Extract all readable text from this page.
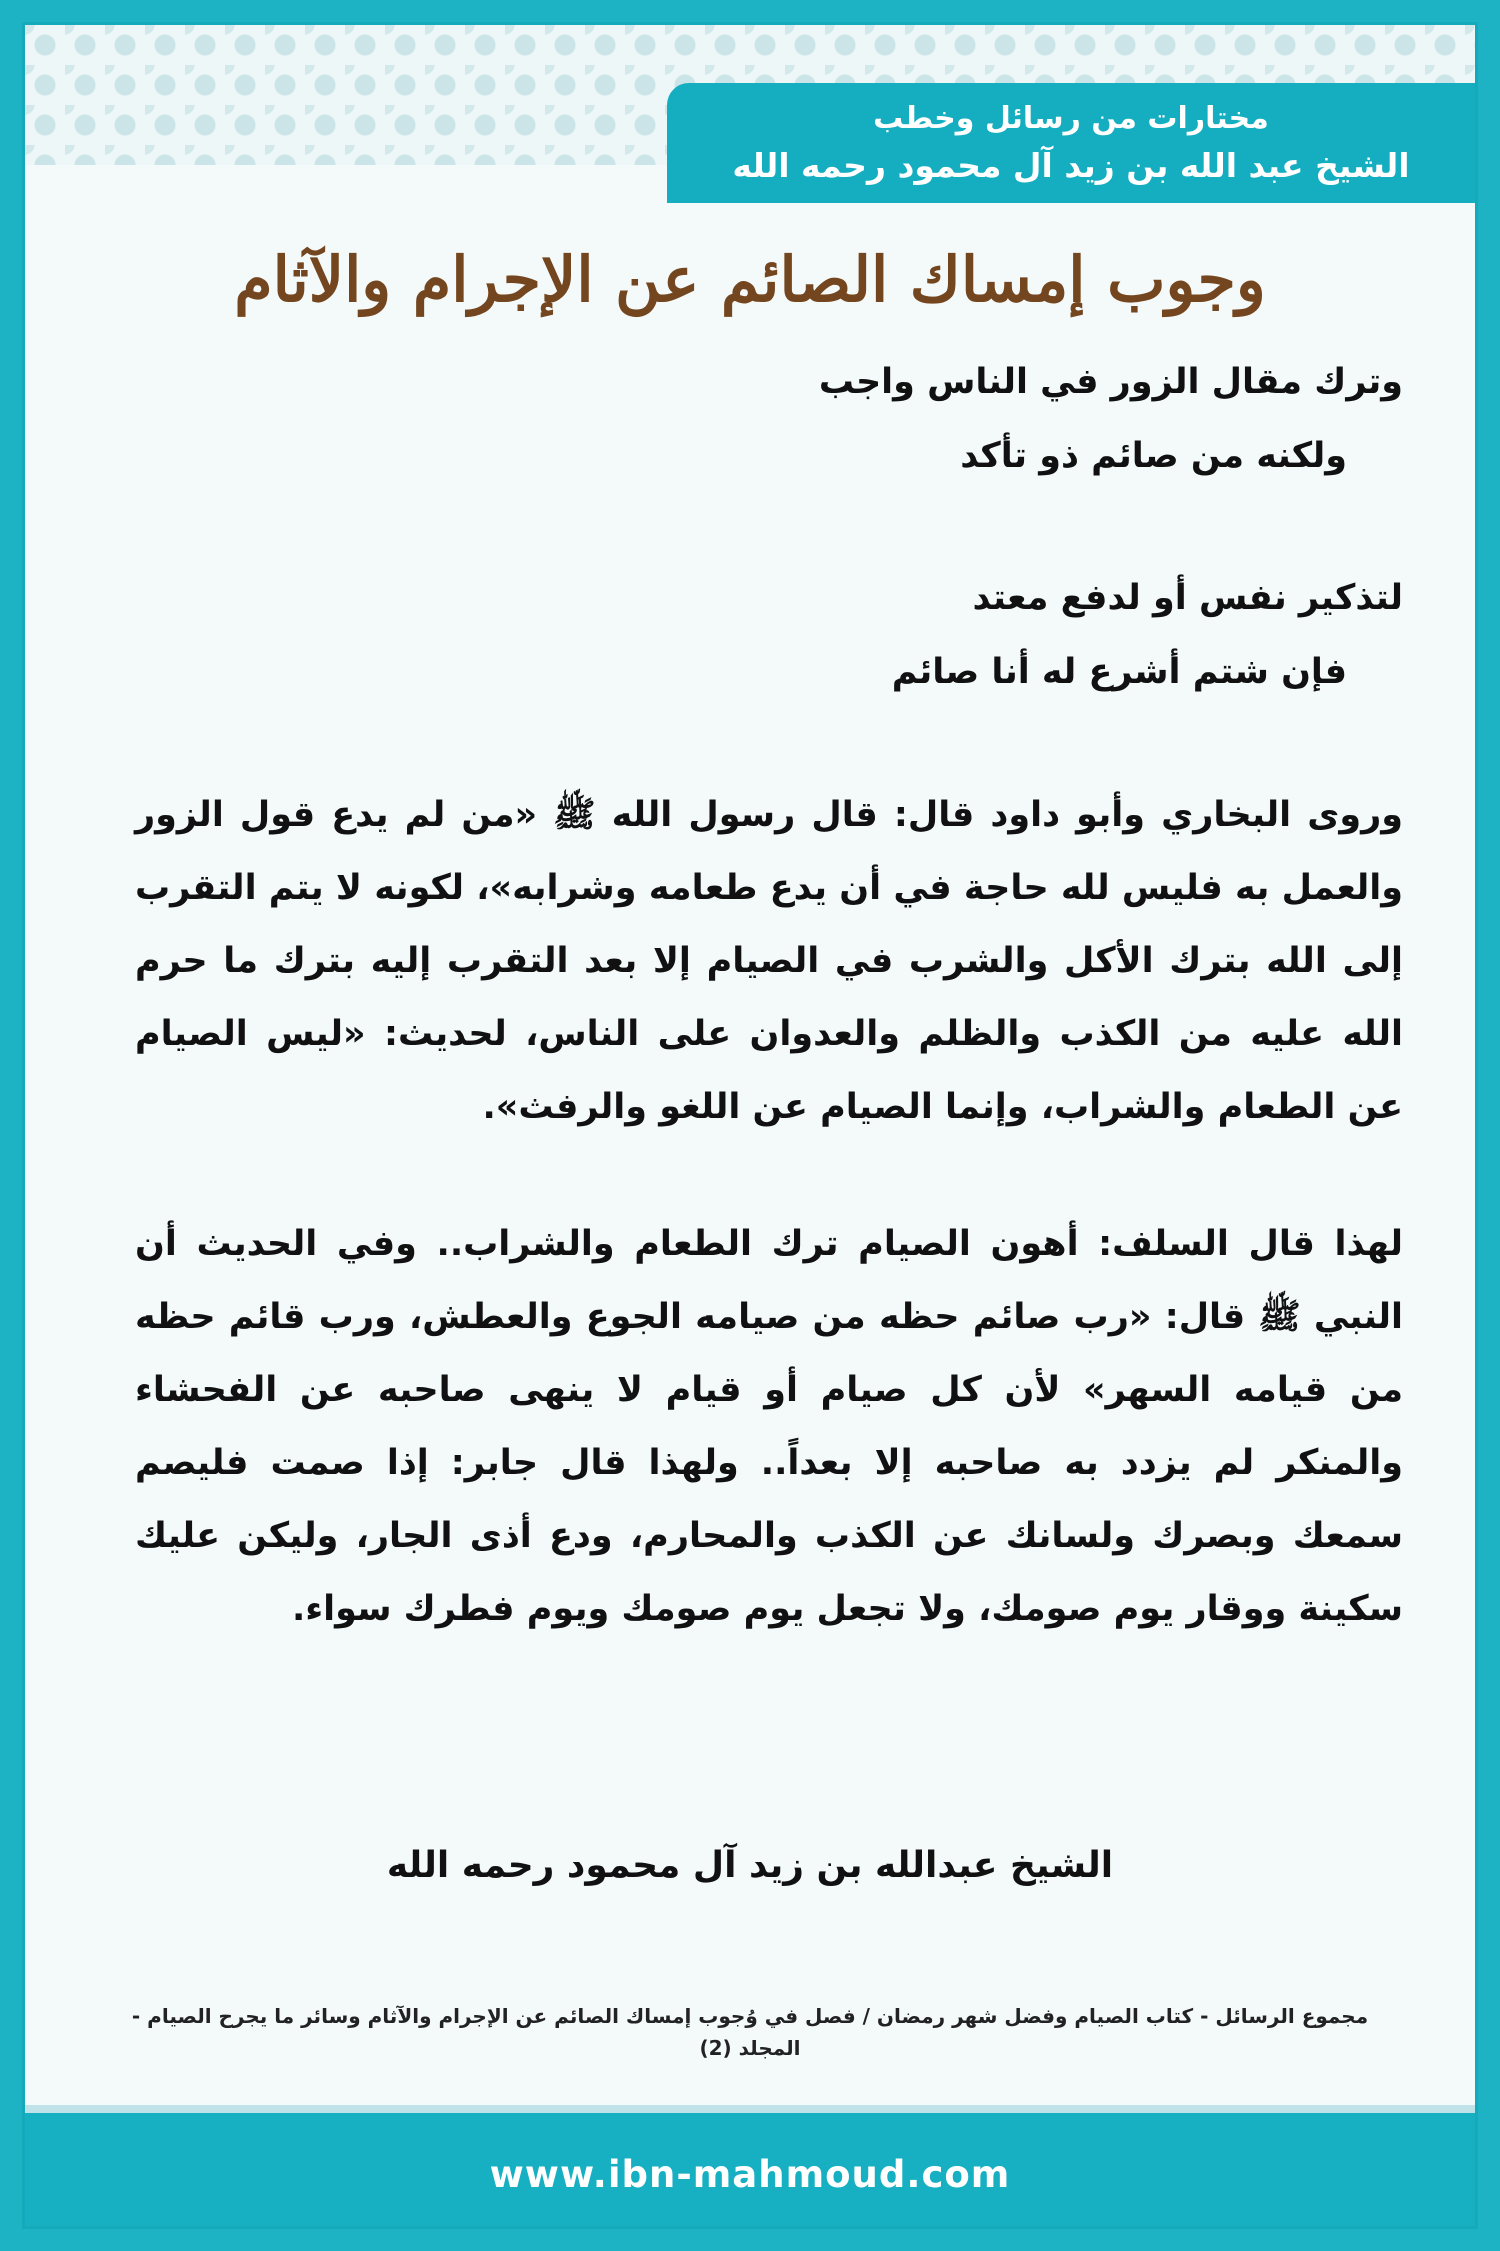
مختارات من رسائل وخطب
الشيخ عبد الله بن زيد آل محمود رحمه الله
وجوب إمساك الصائم عن الإجرام والآثام
وترك مقال الزور في الناس واجب
ولكنه من صائم ذو تأكد
لتذكير نفس أو لدفع معتد
فإن شتم أشرع له أنا صائم
وروى البخاري وأبو داود قال: قال رسول الله ﷺ «من لم يدع قول الزور والعمل به فليس لله حاجة في أن يدع طعامه وشرابه»، لكونه لا يتم التقرب إلى الله بترك الأكل والشرب في الصيام إلا بعد التقرب إليه بترك ما حرم الله عليه من الكذب والظلم والعدوان على الناس، لحديث: «ليس الصيام عن الطعام والشراب، وإنما الصيام عن اللغو والرفث».
لهذا قال السلف: أهون الصيام ترك الطعام والشراب.. وفي الحديث أن النبي ﷺ قال: «رب صائم حظه من صيامه الجوع والعطش، ورب قائم حظه من قيامه السهر» لأن كل صيام أو قيام لا ينهى صاحبه عن الفحشاء والمنكر لم يزدد به صاحبه إلا بعداً.. ولهذا قال جابر: إذا صمت فليصم سمعك وبصرك ولسانك عن الكذب والمحارم، ودع أذى الجار، وليكن عليك سكينة ووقار يوم صومك، ولا تجعل يوم صومك ويوم فطرك سواء.
الشيخ عبدالله بن زيد آل محمود رحمه الله
مجموع الرسائل - كتاب الصيام وفضل شهر رمضان / فصل في وُجوب إمساك الصائم عن الإجرام والآثام وسائر ما يجرح الصيام - المجلد (2)
www.ibn-mahmoud.com
